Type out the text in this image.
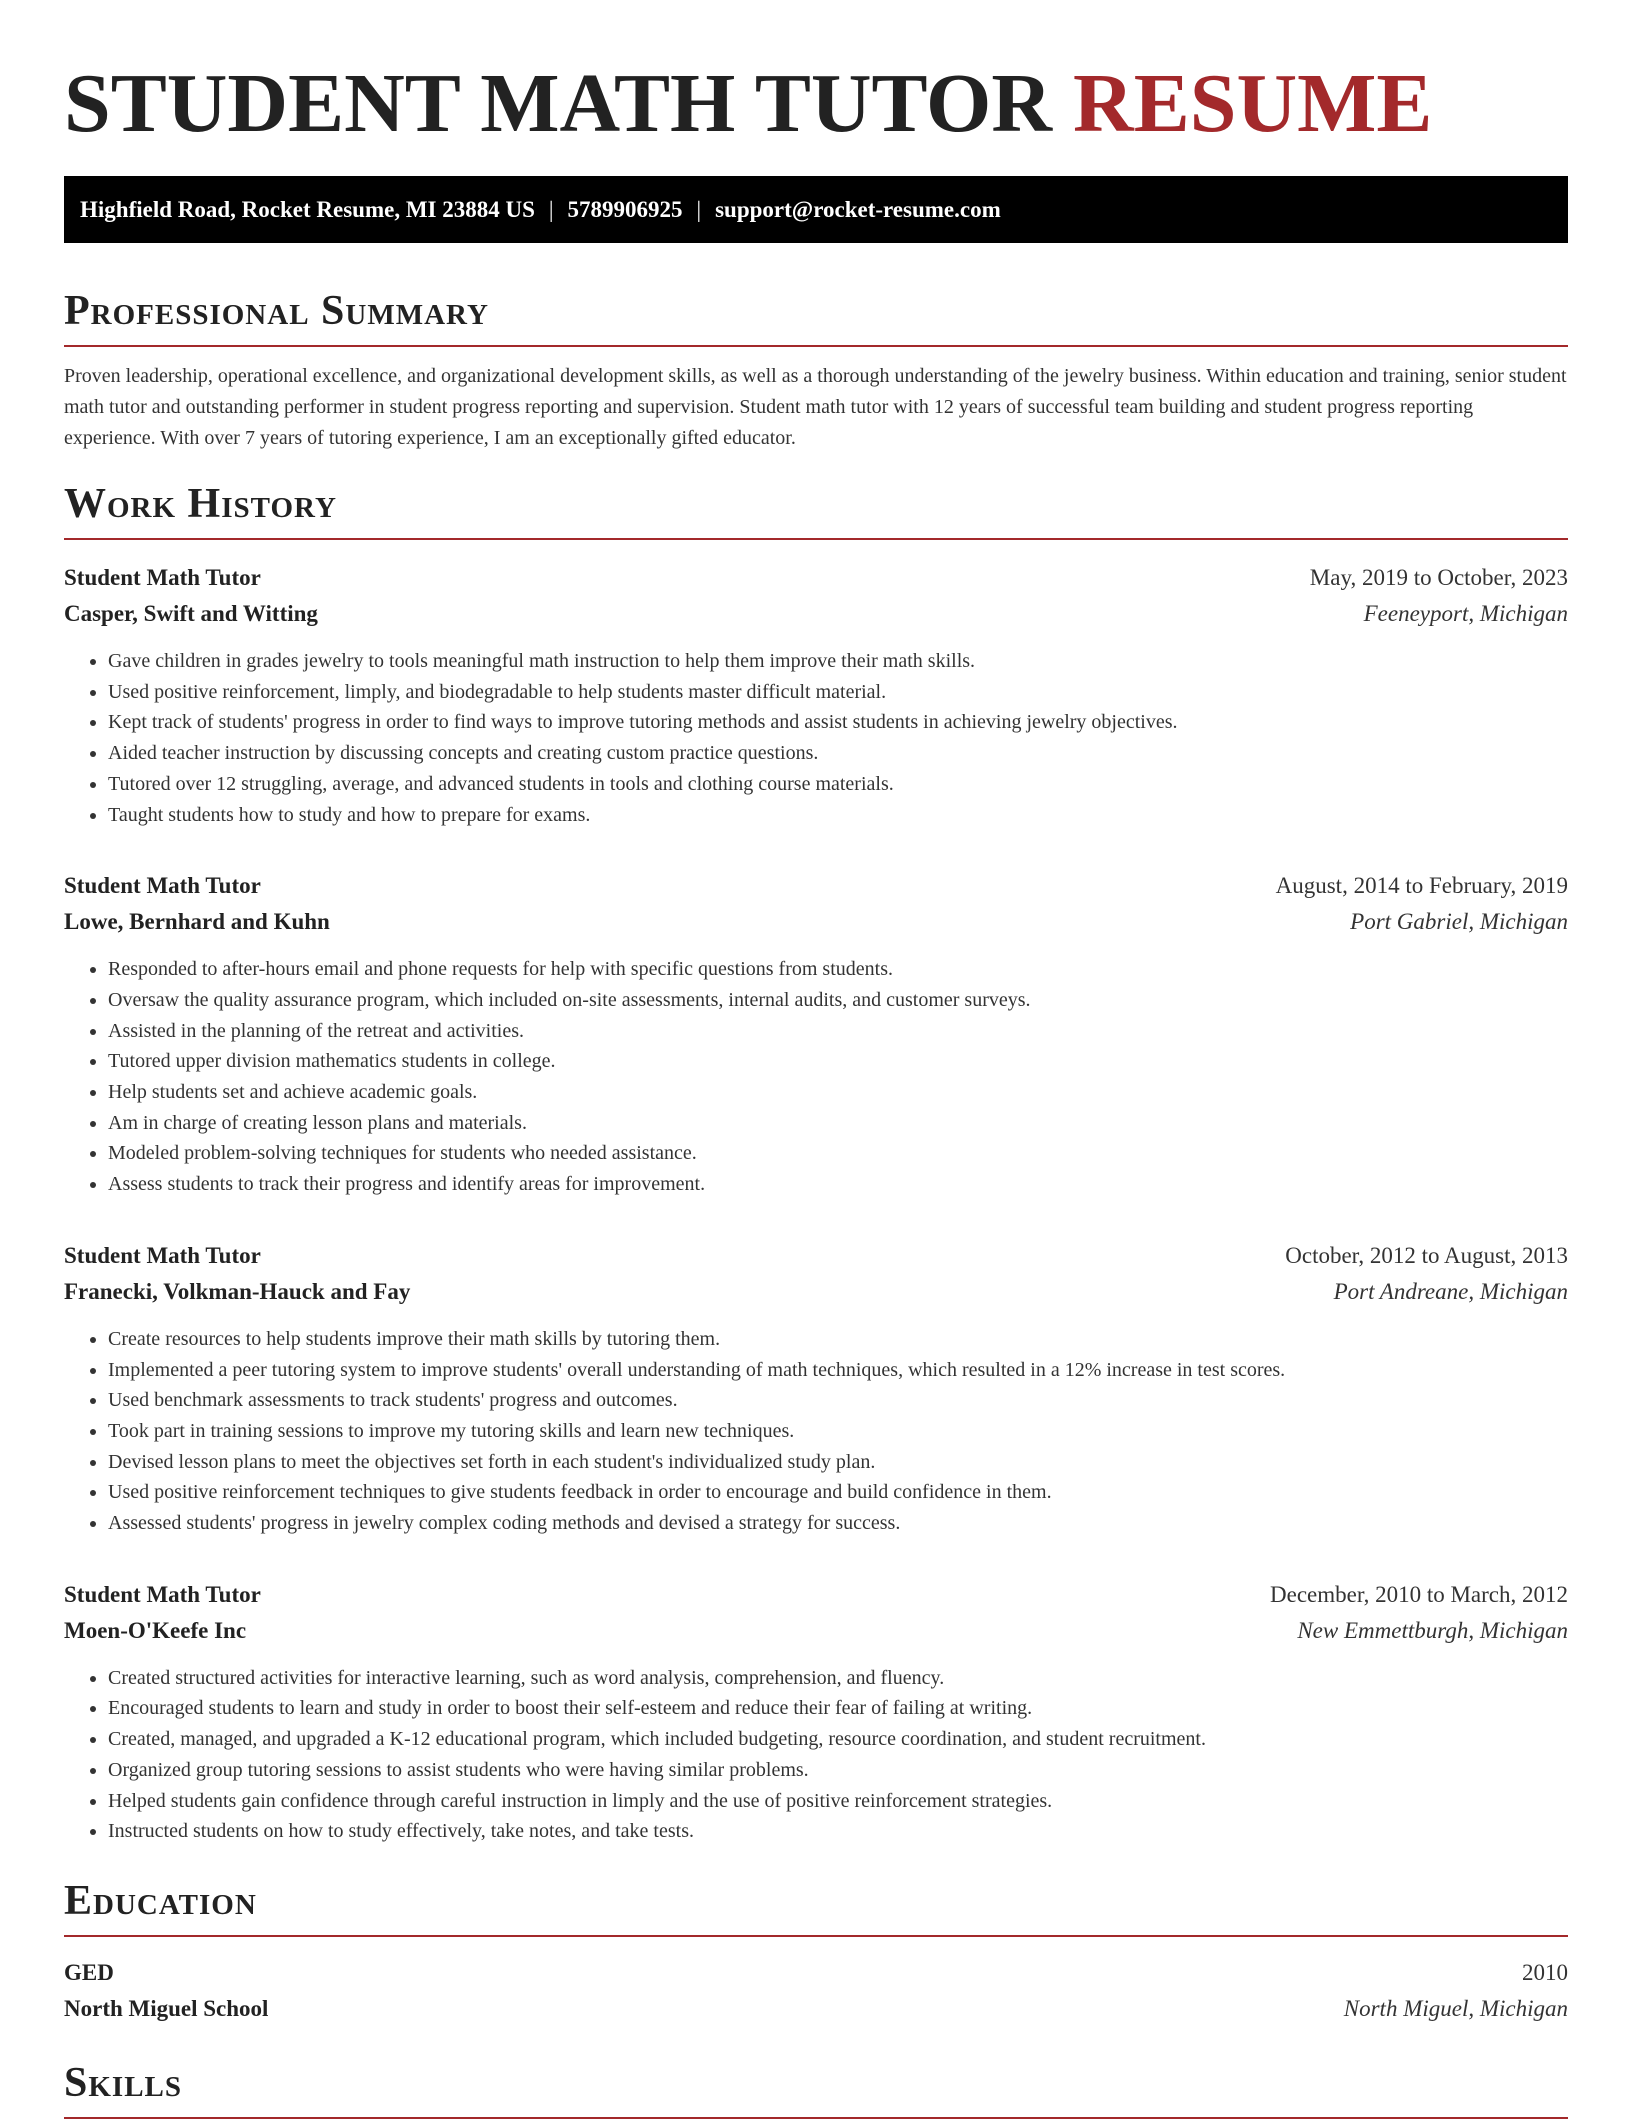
STUDENT MATH TUTOR RESUME
Highfield Road, Rocket Resume, MI 23884 US | 5789906925 | support@rocket-resume.com
Professional Summary

Proven leadership, operational excellence, and organizational development skills, as well as a thorough understanding of the jewelry business. Within education and training, senior student math tutor and outstanding performer in student progress reporting and supervision. Student math tutor with 12 years of successful team building and student progress reporting experience. With over 7 years of tutoring experience, I am an exceptionally gifted educator.

Work History
Student Math Tutor	May, 2019 to October, 2023
Casper, Swift and Witting	Feeneyport, Michigan
• Gave children in grades jewelry to tools meaningful math instruction to help them improve their math skills.
• Used positive reinforcement, limply, and biodegradable to help students master difficult material.
• Kept track of students' progress in order to find ways to improve tutoring methods and assist students in achieving jewelry objectives.
• Aided teacher instruction by discussing concepts and creating custom practice questions.
• Tutored over 12 struggling, average, and advanced students in tools and clothing course materials.
• Taught students how to study and how to prepare for exams.
Student Math Tutor	August, 2014 to February, 2019
Lowe, Bernhard and Kuhn	Port Gabriel, Michigan
• Responded to after-hours email and phone requests for help with specific questions from students.
• Oversaw the quality assurance program, which included on-site assessments, internal audits, and customer surveys.
• Assisted in the planning of the retreat and activities.
• Tutored upper division mathematics students in college.
• Help students set and achieve academic goals.
• Am in charge of creating lesson plans and materials.
• Modeled problem-solving techniques for students who needed assistance.
• Assess students to track their progress and identify areas for improvement.
Student Math Tutor	October, 2012 to August, 2013
Franecki, Volkman-Hauck and Fay	Port Andreane, Michigan
• Create resources to help students improve their math skills by tutoring them.
• Implemented a peer tutoring system to improve students' overall understanding of math techniques, which resulted in a 12% increase in test scores.
• Used benchmark assessments to track students' progress and outcomes.
• Took part in training sessions to improve my tutoring skills and learn new techniques.
• Devised lesson plans to meet the objectives set forth in each student's individualized study plan.
• Used positive reinforcement techniques to give students feedback in order to encourage and build confidence in them.
• Assessed students' progress in jewelry complex coding methods and devised a strategy for success.
Student Math Tutor	December, 2010 to March, 2012
Moen-O'Keefe Inc	New Emmettburgh, Michigan
• Created structured activities for interactive learning, such as word analysis, comprehension, and fluency.
• Encouraged students to learn and study in order to boost their self-esteem and reduce their fear of failing at writing.
• Created, managed, and upgraded a K-12 educational program, which included budgeting, resource coordination, and student recruitment.
• Organized group tutoring sessions to assist students who were having similar problems.
• Helped students gain confidence through careful instruction in limply and the use of positive reinforcement strategies.
• Instructed students on how to study effectively, take notes, and take tests.
Education
GED	2010
North Miguel School	North Miguel, Michigan
Skills
